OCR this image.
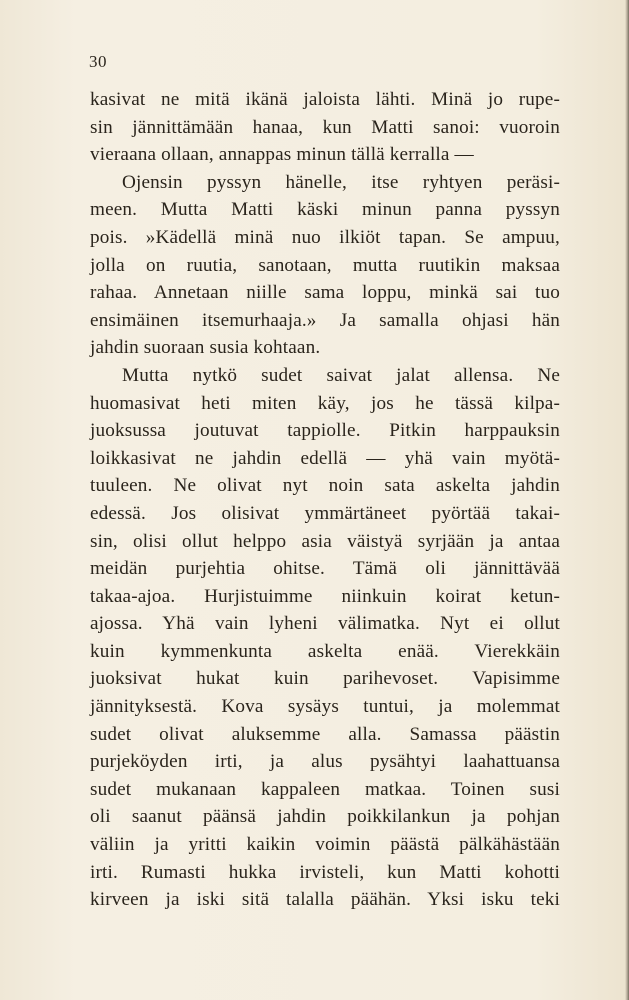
30
kasivat ne mitä ikänä jaloista lähti. Minä jo rupe-
sin jännittämään hanaa, kun Matti sanoi: vuoroin
vieraana ollaan, annappas minun tällä kerralla —
Ojensin pyssyn hänelle, itse ryhtyen peräsi-
meen. Mutta Matti käski minun panna pyssyn
pois. »Kädellä minä nuo ilkiöt tapan. Se ampuu,
jolla on ruutia, sanotaan, mutta ruutikin maksaa
rahaa. Annetaan niille sama loppu, minkä sai tuo
ensimäinen itsemurhaaja.» Ja samalla ohjasi hän
jahdin suoraan susia kohtaan.
Mutta nytkö sudet saivat jalat allensa. Ne
huomasivat heti miten käy, jos he tässä kilpa-
juoksussa joutuvat tappiolle. Pitkin harppauksin
loikkasivat ne jahdin edellä — yhä vain myötä-
tuuleen. Ne olivat nyt noin sata askelta jahdin
edessä. Jos olisivat ymmärtäneet pyörtää takai-
sin, olisi ollut helppo asia väistyä syrjään ja antaa
meidän purjehtia ohitse. Tämä oli jännittävää
takaa-ajoa. Hurjistuimme niinkuin koirat ketun-
ajossa. Yhä vain lyheni välimatka. Nyt ei ollut
kuin kymmenkunta askelta enää. Vierekkäin
juoksivat hukat kuin parihevoset. Vapisimme
jännityksestä. Kova sysäys tuntui, ja molemmat
sudet olivat aluksemme alla. Samassa päästin
purjeköyden irti, ja alus pysähtyi laahattuansa
sudet mukanaan kappaleen matkaa. Toinen susi
oli saanut päänsä jahdin poikkilankun ja pohjan
väliin ja yritti kaikin voimin päästä pälkähästään
irti. Rumasti hukka irvisteli, kun Matti kohotti
kirveen ja iski sitä talalla päähän. Yksi isku teki
